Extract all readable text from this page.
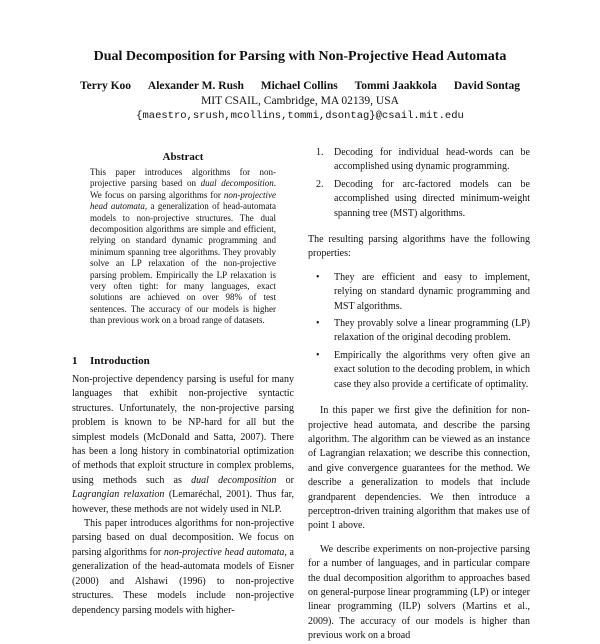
Dual Decomposition for Parsing with Non-Projective Head Automata
Terry Koo Alexander M. Rush Michael Collins Tommi Jaakkola David Sontag
MIT CSAIL, Cambridge, MA 02139, USA
{maestro,srush,mcollins,tommi,dsontag}@csail.mit.edu
Abstract
This paper introduces algorithms for non-projective parsing based on dual decomposition. We focus on parsing algorithms for non-projective head automata, a generalization of head-automata models to non-projective structures. The dual decomposition algorithms are simple and efficient, relying on standard dynamic programming and minimum spanning tree algorithms. They provably solve an LP relaxation of the non-projective parsing problem. Empirically the LP relaxation is very often tight: for many languages, exact solutions are achieved on over 98% of test sentences. The accuracy of our models is higher than previous work on a broad range of datasets.
1 Introduction

Non-projective dependency parsing is useful for many languages that exhibit non-projective syntactic structures. Unfortunately, the non-projective parsing problem is known to be NP-hard for all but the simplest models (McDonald and Satta, 2007). There has been a long history in combinatorial optimization of methods that exploit structure in complex problems, using methods such as dual decomposition or Lagrangian relaxation (Lemaréchal, 2001). Thus far, however, these methods are not widely used in NLP.

This paper introduces algorithms for non-projective parsing based on dual decomposition. We focus on parsing algorithms for non-projective head automata, a generalization of the head-automata models of Eisner (2000) and Alshawi (1996) to non-projective structures. These models include non-projective dependency parsing models with higher-

1. Decoding for individual head-words can be accomplished using dynamic programming.
2. Decoding for arc-factored models can be accomplished using directed minimum-weight spanning tree (MST) algorithms.

The resulting parsing algorithms have the following properties:

• They are efficient and easy to implement, relying on standard dynamic programming and MST algorithms.
• They provably solve a linear programming (LP) relaxation of the original decoding problem.
• Empirically the algorithms very often give an exact solution to the decoding problem, in which case they also provide a certificate of optimality.

In this paper we first give the definition for non-projective head automata, and describe the parsing algorithm. The algorithm can be viewed as an instance of Lagrangian relaxation; we describe this connection, and give convergence guarantees for the method. We describe a generalization to models that include grandparent dependencies. We then introduce a perceptron-driven training algorithm that makes use of point 1 above.

We describe experiments on non-projective parsing for a number of languages, and in particular compare the dual decomposition algorithm to approaches based on general-purpose linear programming (LP) or integer linear programming (ILP) solvers (Martins et al., 2009). The accuracy of our models is higher than previous work on a broad
